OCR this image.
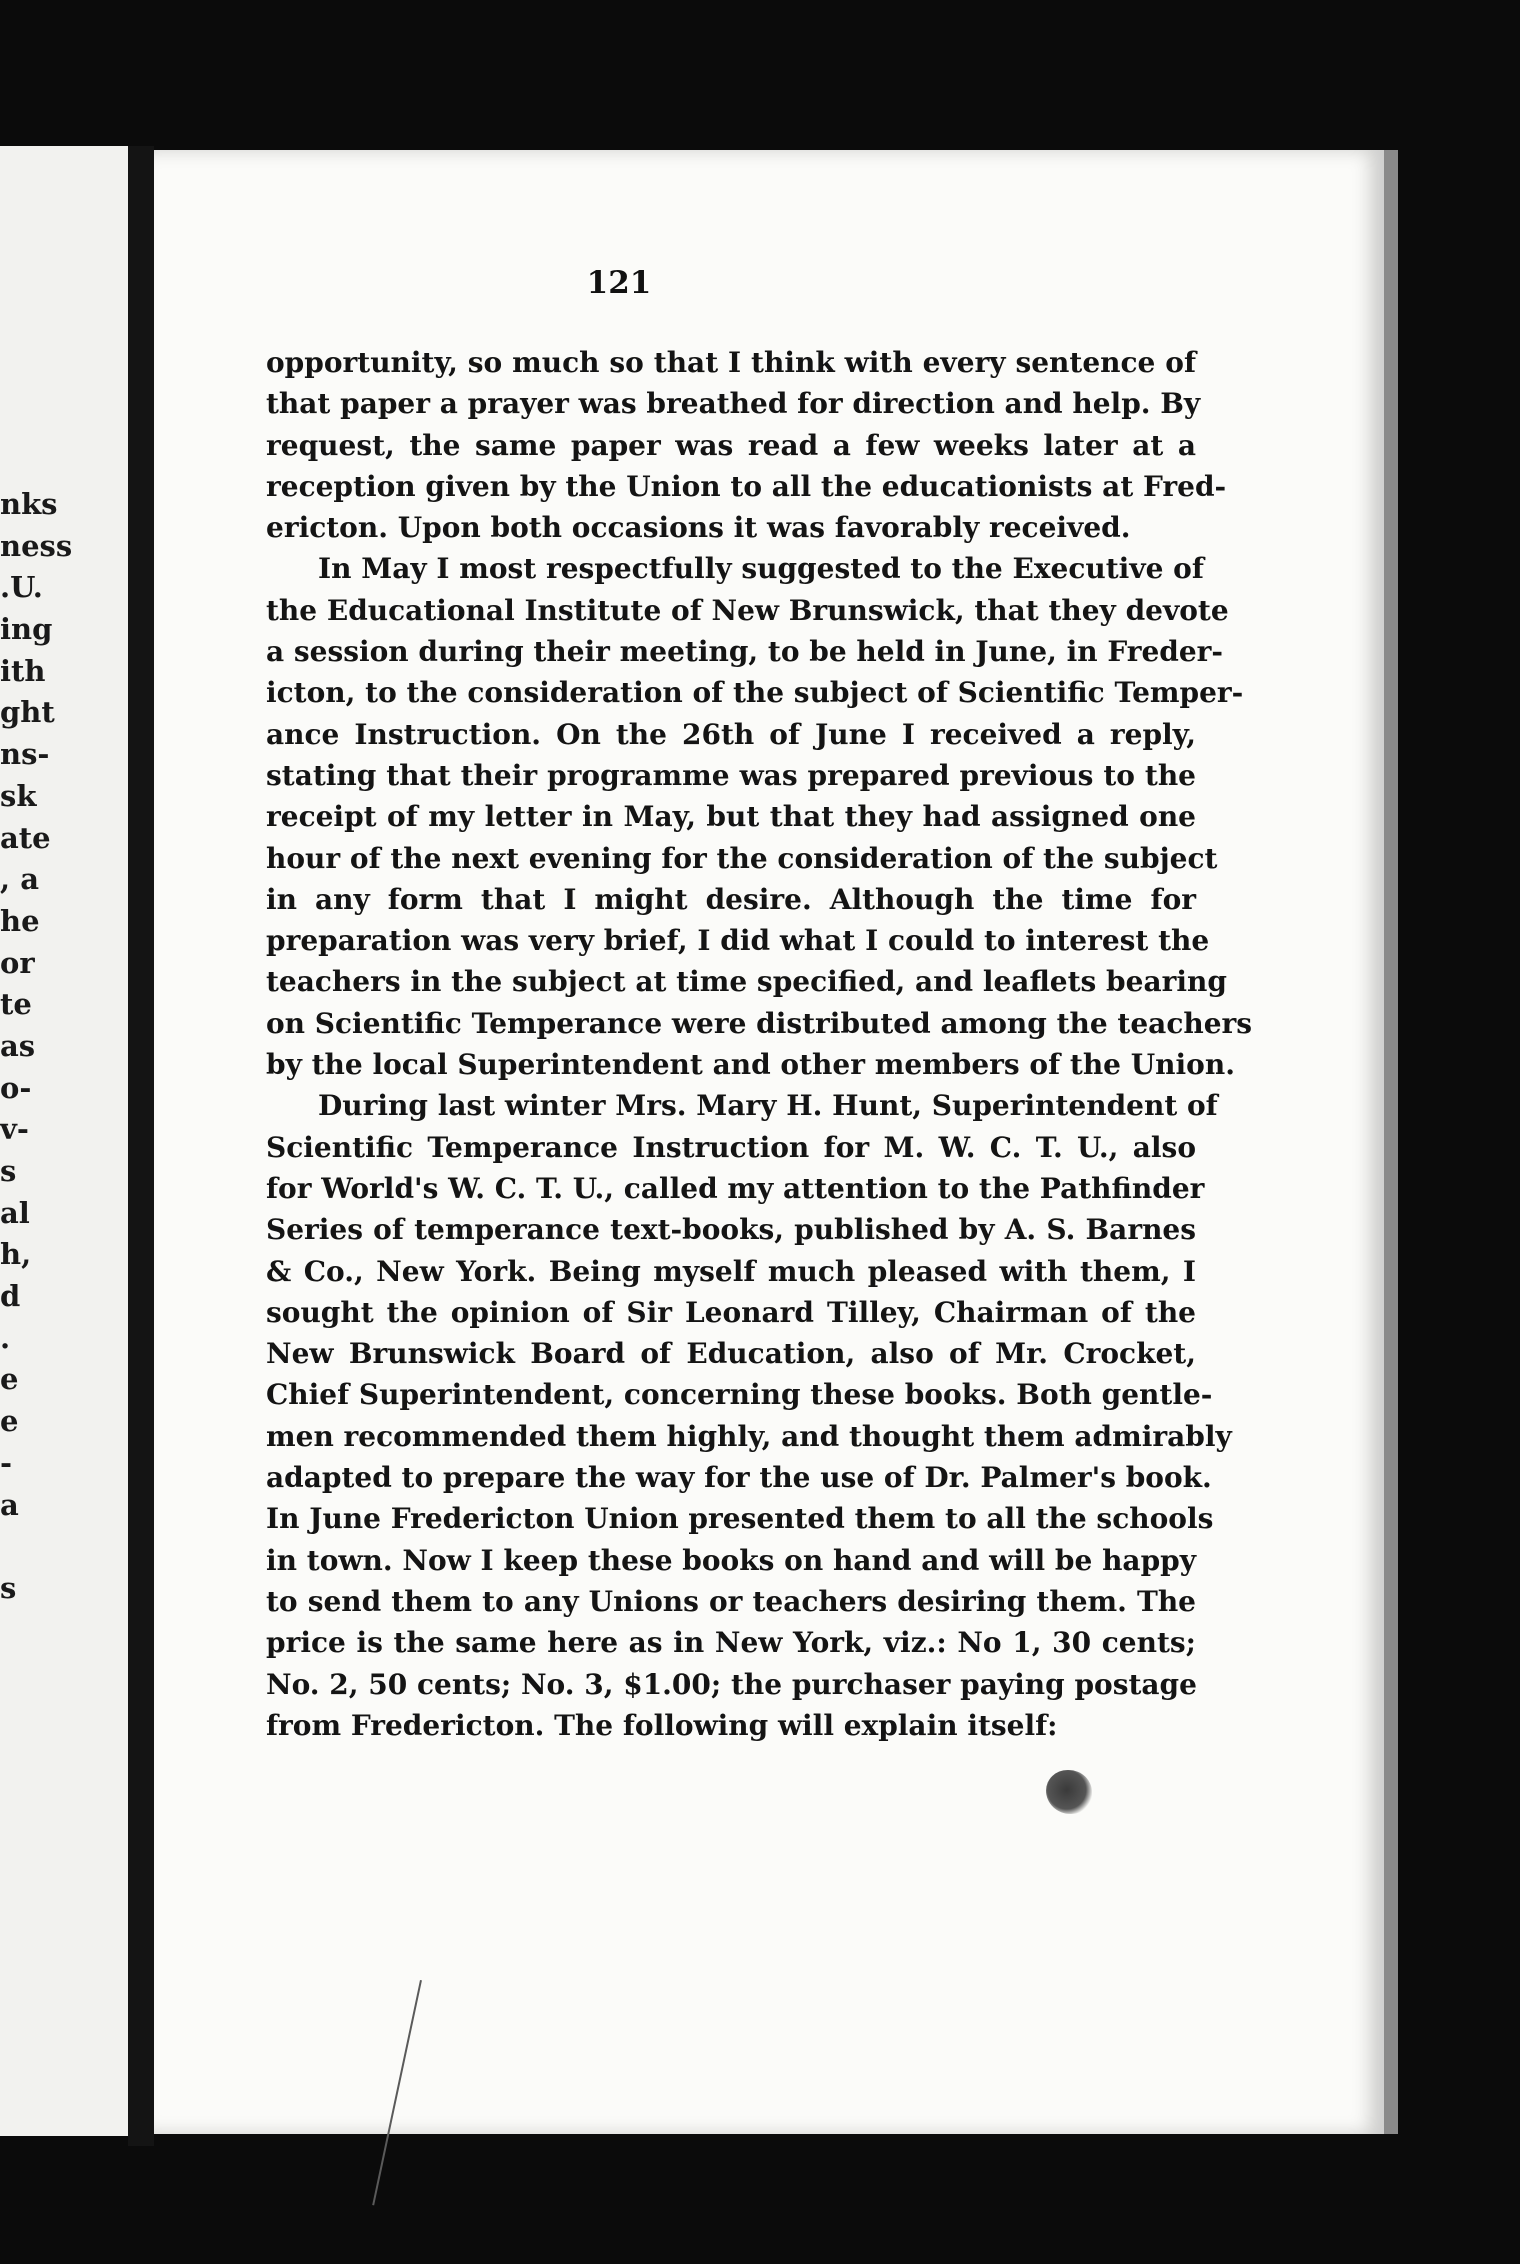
nks
ness
.U.
ing
ith
ght
ns-
sk
ate
, a
he
or
te
as
o-
v-
s
al
h,
d
.
e
e
-
a
s
121
opportunity, so much so that I think with every sentence of
that paper a prayer was breathed for direction and help. By
request, the same paper was read a few weeks later at a
reception given by the Union to all the educationists at Fred-
ericton. Upon both occasions it was favorably received.
In May I most respectfully suggested to the Executive of
the Educational Institute of New Brunswick, that they devote
a session during their meeting, to be held in June, in Freder-
icton, to the consideration of the subject of Scientific Temper-
ance Instruction. On the 26th of June I received a reply,
stating that their programme was prepared previous to the
receipt of my letter in May, but that they had assigned one
hour of the next evening for the consideration of the subject
in any form that I might desire. Although the time for
preparation was very brief, I did what I could to interest the
teachers in the subject at time specified, and leaflets bearing
on Scientific Temperance were distributed among the teachers
by the local Superintendent and other members of the Union.
During last winter Mrs. Mary H. Hunt, Superintendent of
Scientific Temperance Instruction for M. W. C. T. U., also
for World's W. C. T. U., called my attention to the Pathfinder
Series of temperance text-books, published by A. S. Barnes
& Co., New York. Being myself much pleased with them, I
sought the opinion of Sir Leonard Tilley, Chairman of the
New Brunswick Board of Education, also of Mr. Crocket,
Chief Superintendent, concerning these books. Both gentle-
men recommended them highly, and thought them admirably
adapted to prepare the way for the use of Dr. Palmer's book.
In June Fredericton Union presented them to all the schools
in town. Now I keep these books on hand and will be happy
to send them to any Unions or teachers desiring them. The
price is the same here as in New York, viz.: No 1, 30 cents;
No. 2, 50 cents; No. 3, $1.00; the purchaser paying postage
from Fredericton. The following will explain itself:
